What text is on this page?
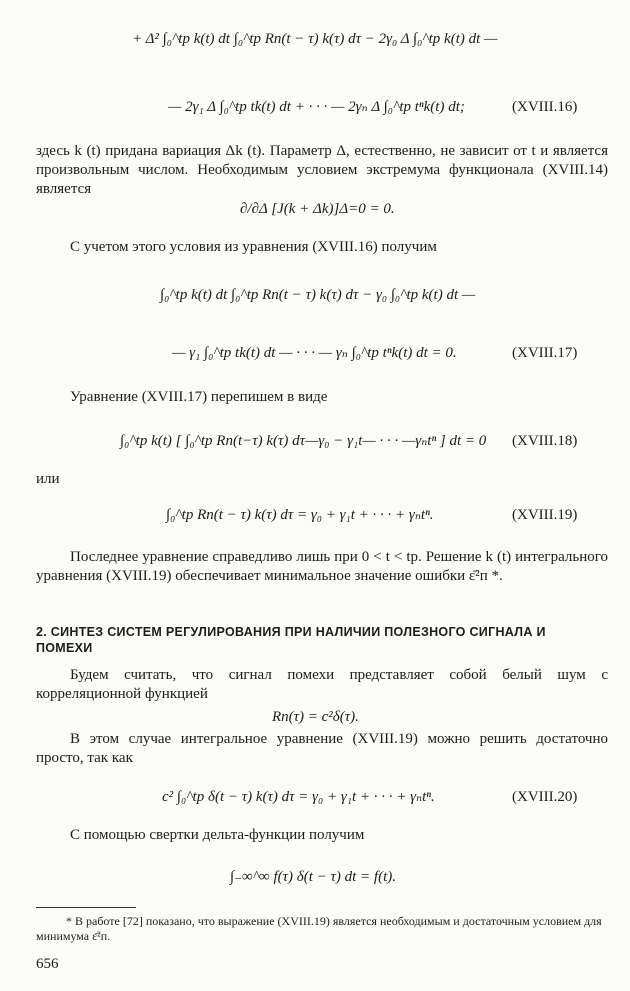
+ Δ² ∫₀^tp k(t) dt ∫₀^tp Rп(t − τ) k(τ) dτ − 2γ₀ Δ ∫₀^tp k(t) dt —
— 2γ₁ Δ ∫₀^tp tk(t) dt + · · · — 2γₙ Δ ∫₀^tp tⁿk(t) dt;	(XVIII.16)
здесь k (t) придана вариация Δk (t). Параметр Δ, естественно, не зависит от t и является произвольным числом. Необходимым условием экстремума функционала (XVIII.14) является
∂/∂Δ [J(k + Δk)]Δ=0 = 0.
С учетом этого условия из уравнения (XVIII.16) получим
∫₀^tp k(t) dt ∫₀^tp Rп(t − τ) k(τ) dτ − γ₀ ∫₀^tp k(t) dt —
— γ₁ ∫₀^tp tk(t) dt — · · · — γₙ ∫₀^tp tⁿk(t) dt = 0.	(XVIII.17)
Уравнение (XVIII.17) перепишем в виде
∫₀^tp k(t) [ ∫₀^tp Rп(t−τ) k(τ) dτ—γ₀ − γ₁t— · · · —γₙtⁿ ] dt = 0 (XVIII.18)
или
∫₀^tp Rп(t − τ) k(τ) dτ = γ₀ + γ₁t + · · · + γₙtⁿ.	(XVIII.19)
Последнее уравнение справедливо лишь при 0 < t < tр. Решение k (t) интегрального уравнения (XVIII.19) обеспечивает минимальное значение ошибки ε̄²п *.
2. СИНТЕЗ СИСТЕМ РЕГУЛИРОВАНИЯ ПРИ НАЛИЧИИ ПОЛЕЗНОГО СИГНАЛА И ПОМЕХИ
Будем считать, что сигнал помехи представляет собой белый шум с корреляционной функцией
Rп(τ) = c²δ(τ).
В этом случае интегральное уравнение (XVIII.19) можно решить достаточно просто, так как
c² ∫₀^tp δ(t − τ) k(τ) dτ = γ₀ + γ₁t + · · · + γₙtⁿ.	(XVIII.20)
С помощью свертки дельта-функции получим
∫₋∞^∞ f(τ) δ(t − τ) dt = f(t).
* В работе [72] показано, что выражение (XVIII.19) является необходимым и достаточным условием для минимума ε̄²п.
656
